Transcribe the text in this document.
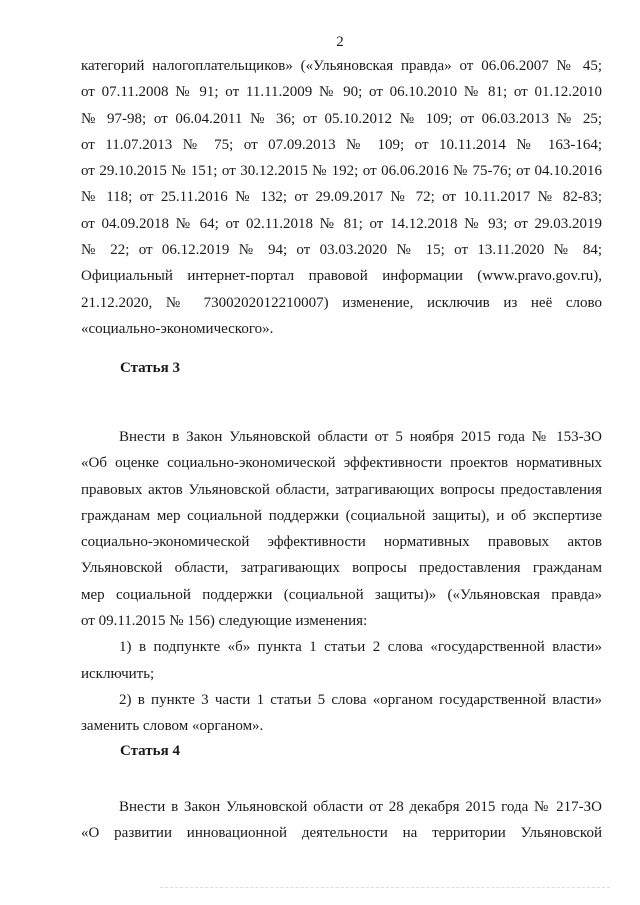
2
категорий налогоплательщиков» («Ульяновская правда» от 06.06.2007 № 45;
от 07.11.2008 № 91; от 11.11.2009 № 90; от 06.10.2010 № 81; от 01.12.2010
№ 97-98; от 06.04.2011 № 36; от 05.10.2012 № 109; от 06.03.2013 № 25;
от 11.07.2013 № 75; от 07.09.2013 № 109; от 10.11.2014 № 163-164;
от 29.10.2015 № 151; от 30.12.2015 № 192; от 06.06.2016 № 75-76; от 04.10.2016
№ 118; от 25.11.2016 № 132; от 29.09.2017 № 72; от 10.11.2017 № 82-83;
от 04.09.2018 № 64; от 02.11.2018 № 81; от 14.12.2018 № 93; от 29.03.2019
№ 22; от 06.12.2019 № 94; от 03.03.2020 № 15; от 13.11.2020 № 84;
Официальный интернет-портал правовой информации (www.pravo.gov.ru),
21.12.2020, № 7300202012210007) изменение, исключив из неё слово
«социально-экономического».
Статья 3
Внести в Закон Ульяновской области от 5 ноября 2015 года № 153-ЗО
«Об оценке социально-экономической эффективности проектов нормативных
правовых актов Ульяновской области, затрагивающих вопросы предоставления
гражданам мер социальной поддержки (социальной защиты), и об экспертизе
социально-экономической эффективности нормативных правовых актов
Ульяновской области, затрагивающих вопросы предоставления гражданам
мер социальной поддержки (социальной защиты)» («Ульяновская правда»
от 09.11.2015 № 156) следующие изменения:
1) в подпункте «б» пункта 1 статьи 2 слова «государственной власти»
исключить;
2) в пункте 3 части 1 статьи 5 слова «органом государственной власти»
заменить словом «органом».
Статья 4
Внести в Закон Ульяновской области от 28 декабря 2015 года № 217-ЗО
«О развитии инновационной деятельности на территории Ульяновской
